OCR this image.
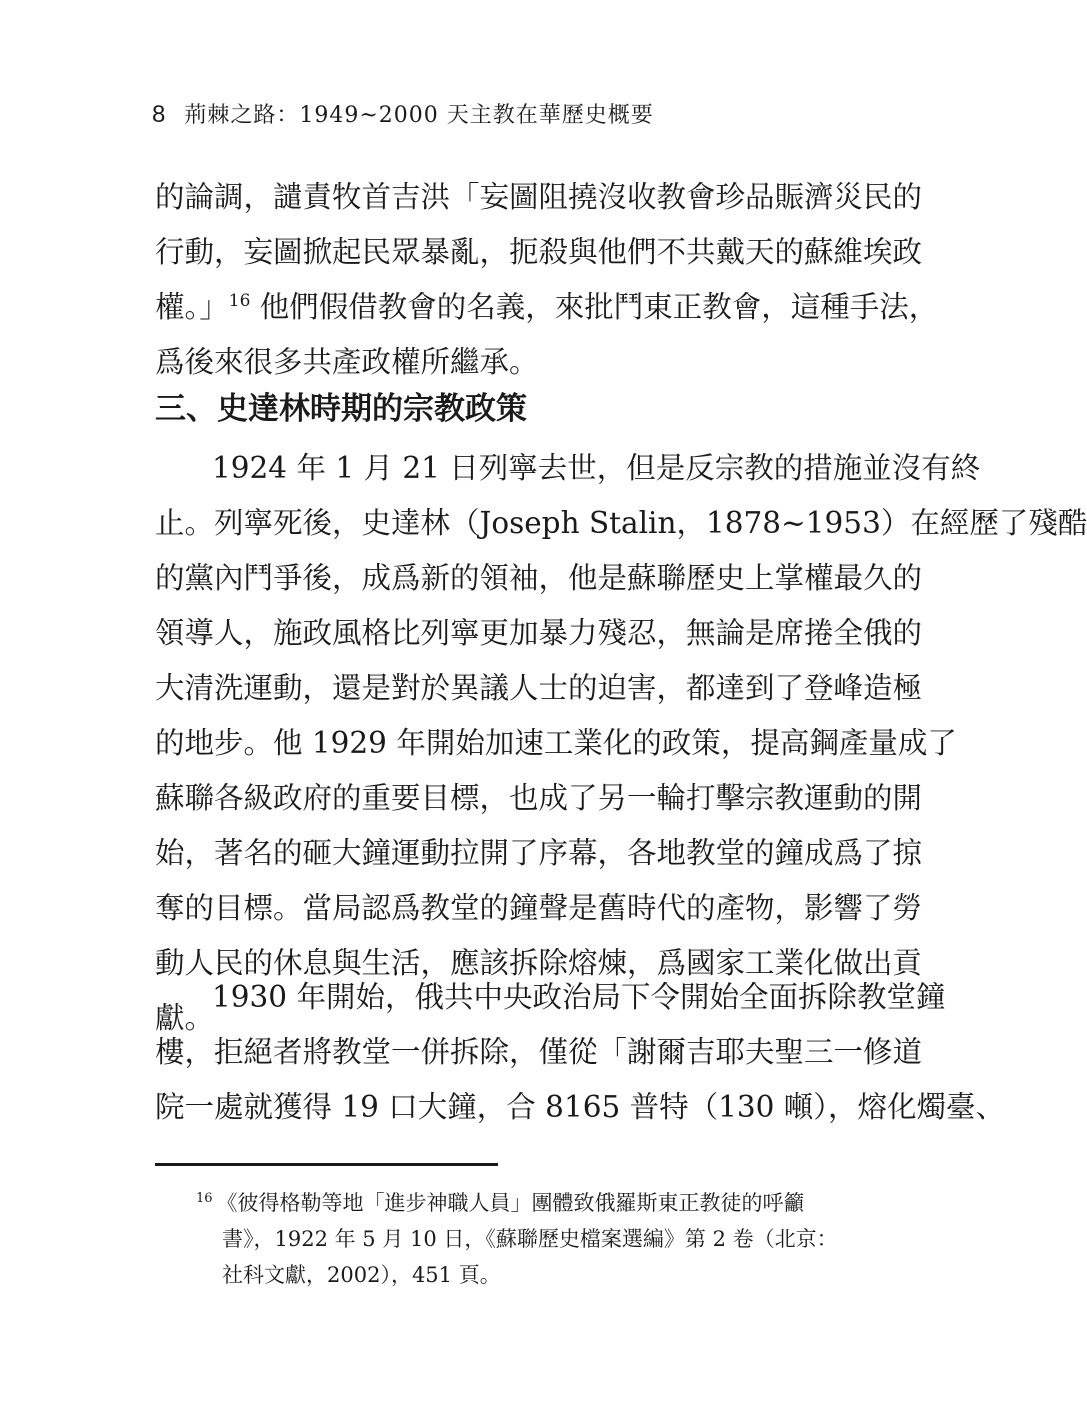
8 荊棘之路：1949~2000 天主教在華歷史概要
的論調，譴責牧首吉洪「妄圖阻撓沒收教會珍品賑濟災民的
行動，妄圖掀起民眾暴亂，扼殺與他們不共戴天的蘇維埃政
權。」$^{16}$ 他們假借教會的名義，來批鬥東正教會，這種手法，
爲後來很多共產政權所繼承。
三、史達林時期的宗教政策
1924 年 1 月 21 日列寧去世，但是反宗教的措施並沒有終
止。列寧死後，史達林（Joseph Stalin，1878~1953）在經歷了殘酷
的黨內鬥爭後，成爲新的領袖，他是蘇聯歷史上掌權最久的
領導人，施政風格比列寧更加暴力殘忍，無論是席捲全俄的
大清洗運動，還是對於異議人士的迫害，都達到了登峰造極
的地步。他 1929 年開始加速工業化的政策，提高鋼產量成了
蘇聯各級政府的重要目標，也成了另一輪打擊宗教運動的開
始，著名的砸大鐘運動拉開了序幕，各地教堂的鐘成爲了掠
奪的目標。當局認爲教堂的鐘聲是舊時代的產物，影響了勞
動人民的休息與生活，應該拆除熔煉，爲國家工業化做出貢
獻。
1930 年開始，俄共中央政治局下令開始全面拆除教堂鐘
樓，拒絕者將教堂一併拆除，僅從「謝爾吉耶夫聖三一修道
院一處就獲得 19 口大鐘，合 8165 普特（130 噸），熔化燭臺、
$^{16}$ 《彼得格勒等地「進步神職人員」團體致俄羅斯東正教徒的呼籲
書》，1922 年 5 月 10 日，《蘇聯歷史檔案選編》第 2 卷（北京：
社科文獻，2002），451 頁。
